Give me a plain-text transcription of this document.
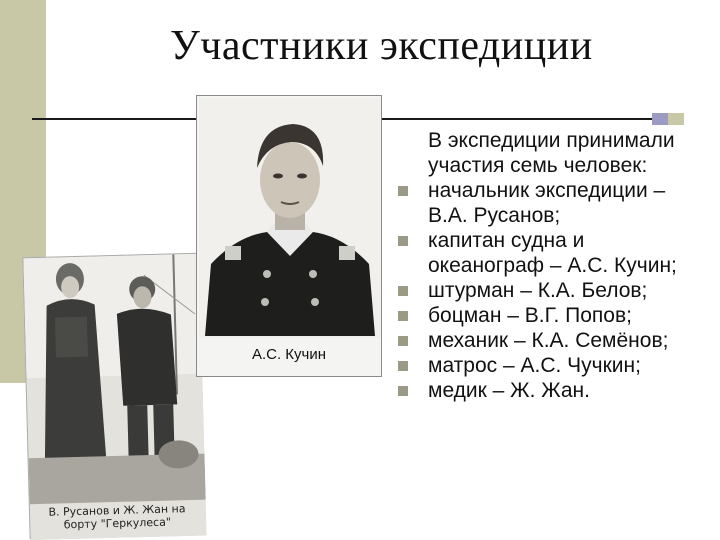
Участники экспедиции
В. Русанов и Ж. Жан на борту "Геркулеса"
А.С. Кучин
В экспедиции принимали участия семь человек:
начальник экспедиции – В.А. Русанов;
капитан судна и океанограф – А.С. Кучин;
штурман – К.А. Белов;
боцман – В.Г. Попов;
механик – К.А. Семёнов;
матрос – А.С. Чучкин;
медик – Ж. Жан.
